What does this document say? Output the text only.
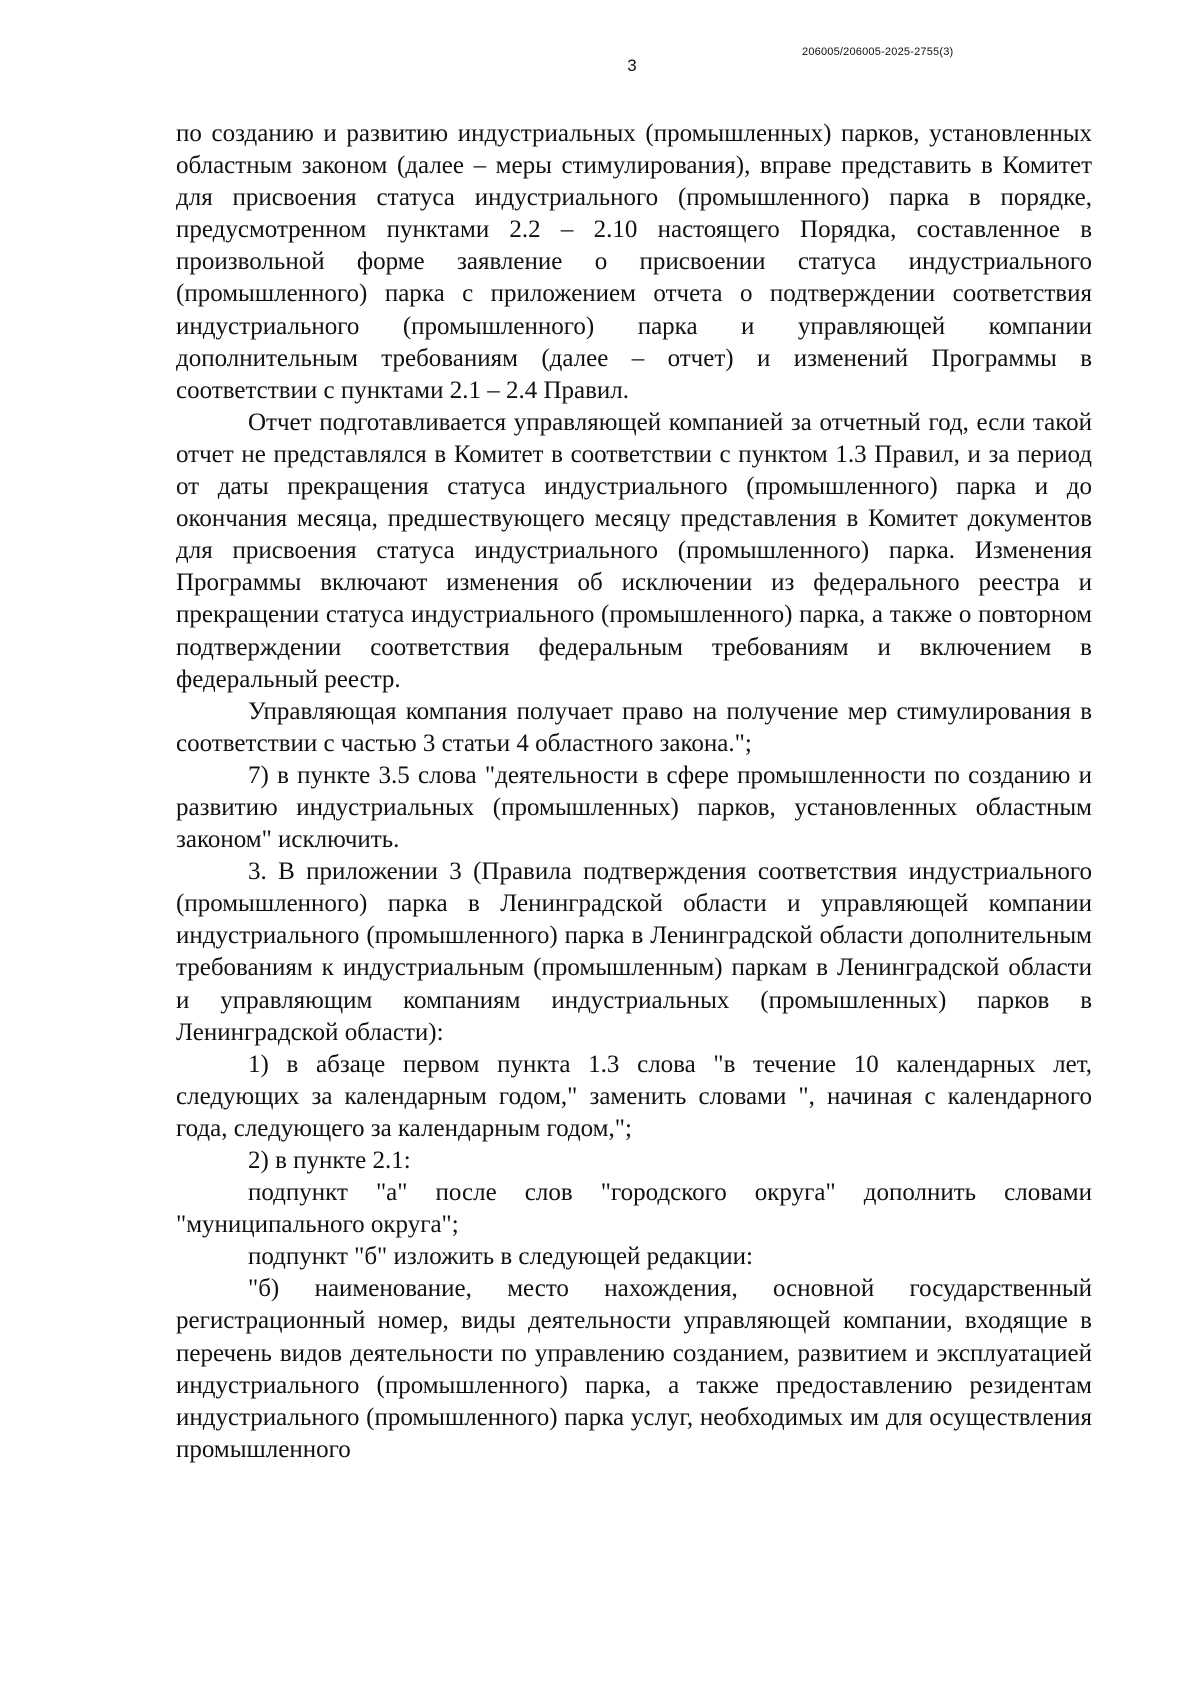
3
206005/206005-2025-2755(3)

по созданию и развитию индустриальных (промышленных) парков, установленных областным законом (далее – меры стимулирования), вправе представить в Комитет для присвоения статуса индустриального (промышленного) парка в порядке, предусмотренном пунктами 2.2 – 2.10 настоящего Порядка, составленное в произвольной форме заявление о присвоении статуса индустриального (промышленного) парка с приложением отчета о подтверждении соответствия индустриального (промышленного) парка и управляющей компании дополнительным требованиям (далее – отчет) и изменений Программы в соответствии с пунктами 2.1 – 2.4 Правил.

Отчет подготавливается управляющей компанией за отчетный год, если такой отчет не представлялся в Комитет в соответствии с пунктом 1.3 Правил, и за период от даты прекращения статуса индустриального (промышленного) парка и до окончания месяца, предшествующего месяцу представления в Комитет документов для присвоения статуса индустриального (промышленного) парка. Изменения Программы включают изменения об исключении из федерального реестра и прекращении статуса индустриального (промышленного) парка, а также о повторном подтверждении соответствия федеральным требованиям и включением в федеральный реестр.

Управляющая компания получает право на получение мер стимулирования в соответствии с частью 3 статьи 4 областного закона.";

7) в пункте 3.5 слова "деятельности в сфере промышленности по созданию и развитию индустриальных (промышленных) парков, установленных областным законом" исключить.

3. В приложении 3 (Правила подтверждения соответствия индустриального (промышленного) парка в Ленинградской области и управляющей компании индустриального (промышленного) парка в Ленинградской области дополнительным требованиям к индустриальным (промышленным) паркам в Ленинградской области и управляющим компаниям индустриальных (промышленных) парков в Ленинградской области):

1) в абзаце первом пункта 1.3 слова "в течение 10 календарных лет, следующих за календарным годом," заменить словами ", начиная с календарного года, следующего за календарным годом,";

2) в пункте 2.1:

подпункт "а" после слов "городского округа" дополнить словами "муниципального округа";

подпункт "б" изложить в следующей редакции:

"б) наименование, место нахождения, основной государственный регистрационный номер, виды деятельности управляющей компании, входящие в перечень видов деятельности по управлению созданием, развитием и эксплуатацией индустриального (промышленного) парка, а также предоставлению резидентам индустриального (промышленного) парка услуг, необходимых им для осуществления промышленного
